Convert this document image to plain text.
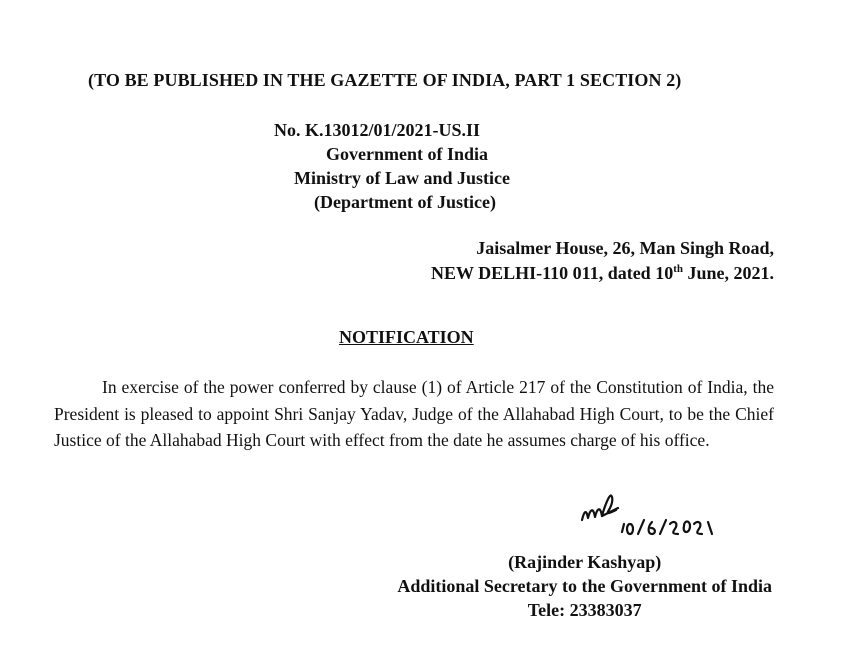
(TO BE PUBLISHED IN THE GAZETTE OF INDIA, PART 1 SECTION 2)
No. K.13012/01/2021-US.II
Government of India
Ministry of Law and Justice
(Department of Justice)
Jaisalmer House, 26, Man Singh Road,
NEW DELHI-110 011, dated 10th June, 2021.
NOTIFICATION
In exercise of the power conferred by clause (1) of Article 217 of the Constitution of India, the President is pleased to appoint Shri Sanjay Yadav, Judge of the Allahabad High Court, to be the Chief Justice of the Allahabad High Court with effect from the date he assumes charge of his office.
(Rajinder Kashyap)
Additional Secretary to the Government of India
Tele: 23383037
